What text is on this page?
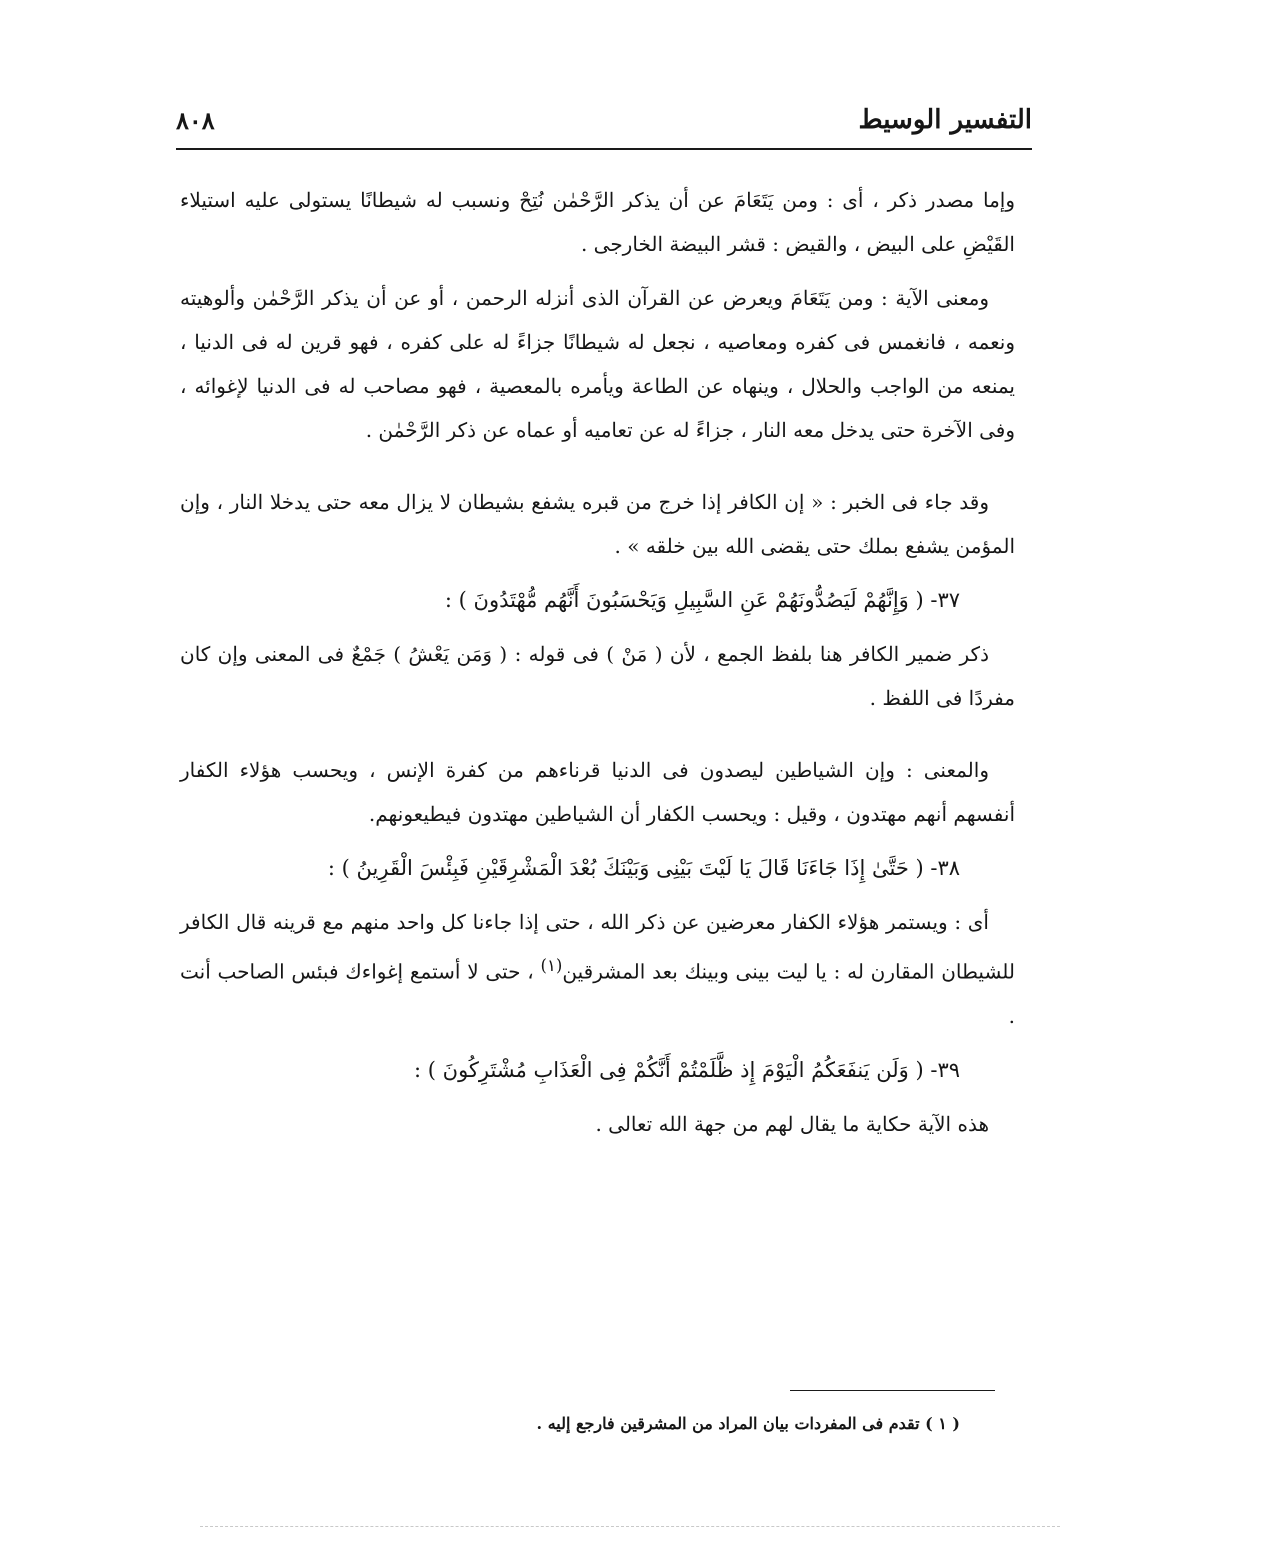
٨٠٨	التفسير الوسيط

وإما مصدر ذكر ، أى : ومن يَتَعَامَ عن أن يذكر الرَّحْمٰن نُتِحْ ونسبب له شيطانًا يستولى عليه استيلاء القَيْضِ على البيض ، والقيض : قشر البيضة الخارجى .

ومعنى الآية : ومن يَتَعَامَ ويعرض عن القرآن الذى أنزله الرحمن ، أو عن أن يذكر الرَّحْمٰن وألوهيته ونعمه ، فانغمس فى كفره ومعاصيه ، نجعل له شيطانًا جزاءً له على كفره ، فهو قرين له فى الدنيا ، يمنعه من الواجب والحلال ، وينهاه عن الطاعة ويأمره بالمعصية ، فهو مصاحب له فى الدنيا لإغوائه ، وفى الآخرة حتى يدخل معه النار ، جزاءً له عن تعاميه أو عماه عن ذكر الرَّحْمٰن .

وقد جاء فى الخبر : « إن الكافر إذا خرج من قبره يشفع بشيطان لا يزال معه حتى يدخلا النار ، وإن المؤمن يشفع بملك حتى يقضى الله بين خلقه » .

٣٧- ( وَإِنَّهُمْ لَيَصُدُّونَهُمْ عَنِ السَّبِيلِ وَيَحْسَبُونَ أَنَّهُم مُّهْتَدُونَ ) :

ذكر ضمير الكافر هنا بلفظ الجمع ، لأن ( مَنْ ) فى قوله : ( وَمَن يَعْشُ ) جَمْعٌ فى المعنى وإن كان مفردًا فى اللفظ .

والمعنى : وإن الشياطين ليصدون فى الدنيا قرناءهم من كفرة الإنس ، ويحسب هؤلاء الكفار أنفسهم أنهم مهتدون ، وقيل : ويحسب الكفار أن الشياطين مهتدون فيطيعونهم.

٣٨- ( حَتَّىٰ إِذَا جَاءَنَا قَالَ يَا لَيْتَ بَيْنِى وَبَيْنَكَ بُعْدَ الْمَشْرِقَيْنِ فَبِئْسَ الْقَرِينُ ) :

أى : ويستمر هؤلاء الكفار معرضين عن ذكر الله ، حتى إذا جاءنا كل واحد منهم مع قرينه قال الكافر للشيطان المقارن له : يا ليت بينى وبينك بعد المشرقين$^{(١)}$ ، حتى لا أستمع إغواءك فبئس الصاحب أنت .

٣٩- ( وَلَن يَنفَعَكُمُ الْيَوْمَ إِذ ظَّلَمْتُمْ أَنَّكُمْ فِى الْعَذَابِ مُشْتَرِكُونَ ) :

هذه الآية حكاية ما يقال لهم من جهة الله تعالى .

( ١ ) تقدم فى المفردات بيان المراد من المشرقين فارجع إليه .
